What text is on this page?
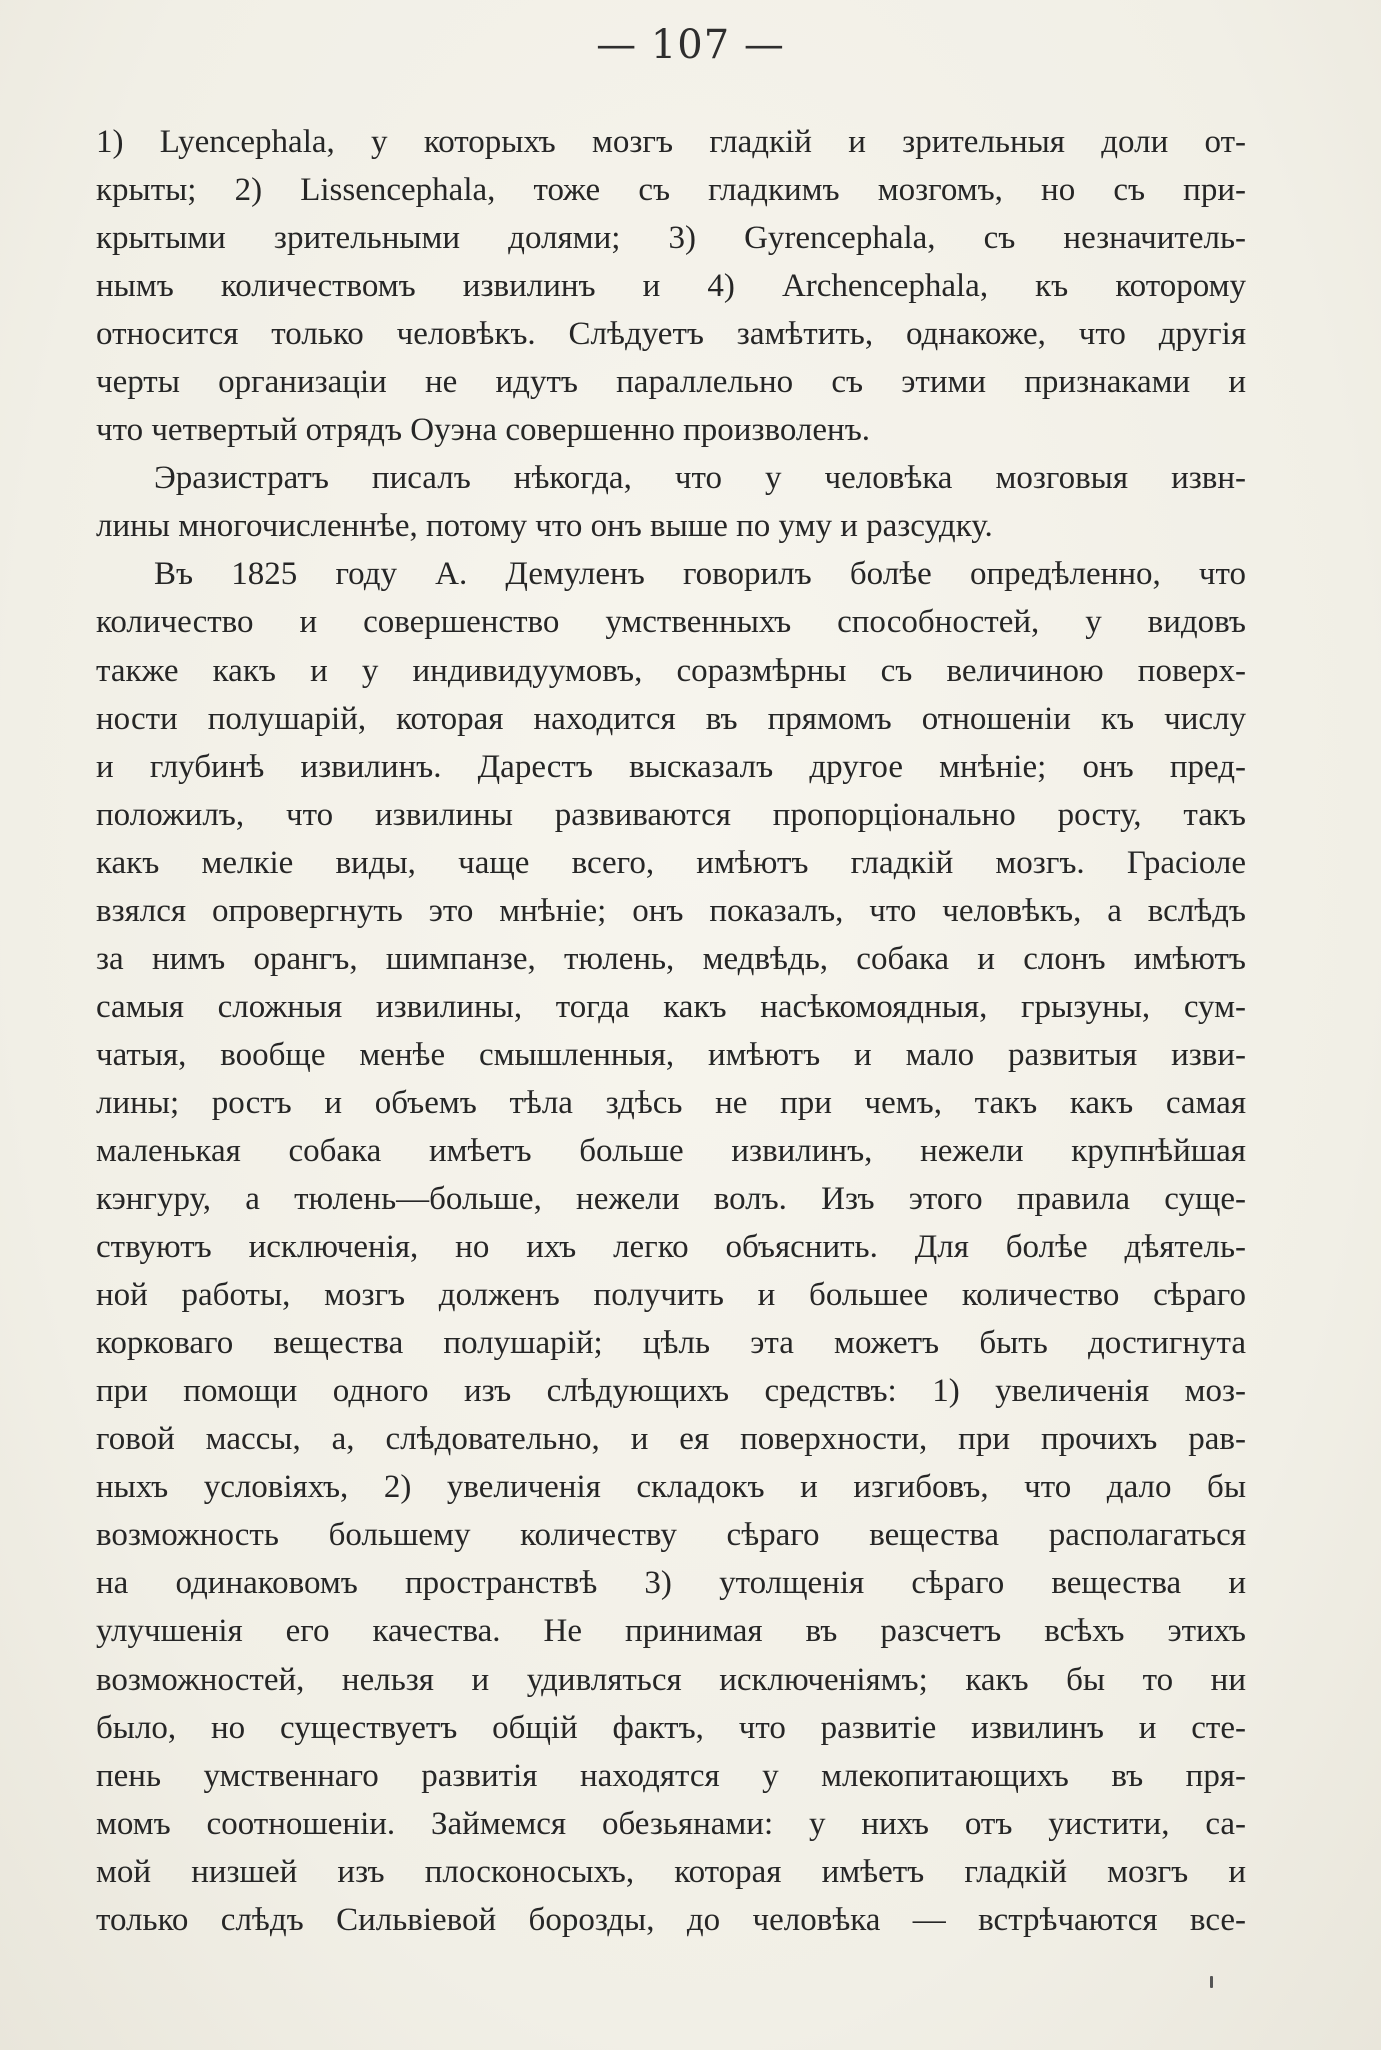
— 107 —
1) Lyencephala, у которыхъ мозгъ гладкій и зрительныя доли от-
крыты; 2) Lissencephala, тоже съ гладкимъ мозгомъ, но съ при-
крытыми зрительными долями; 3) Gyrencephala, съ незначитель-
нымъ количествомъ извилинъ и 4) Archencephala, къ которому
относится только человѣкъ. Слѣдуетъ замѣтить, однакоже, что другія
черты организаціи не идутъ параллельно съ этими признаками и
что четвертый отрядъ Оуэна совершенно произволенъ.
Эразистратъ писалъ нѣкогда, что у человѣка мозговыя извн-
лины многочисленнѣе, потому что онъ выше по уму и разсудку.
Въ 1825 году А. Демуленъ говорилъ болѣе опредѣленно, что
количество и совершенство умственныхъ способностей, у видовъ
также какъ и у индивидуумовъ, соразмѣрны съ величиною поверх-
ности полушарій, которая находится въ прямомъ отношеніи къ числу
и глубинѣ извилинъ. Дарестъ высказалъ другое мнѣніе; онъ пред-
положилъ, что извилины развиваются пропорціонально росту, такъ
какъ мелкіе виды, чаще всего, имѣютъ гладкій мозгъ. Грасіоле
взялся опровергнуть это мнѣніе; онъ показалъ, что человѣкъ, а вслѣдъ
за нимъ орангъ, шимпанзе, тюлень, медвѣдь, собака и слонъ имѣютъ
самыя сложныя извилины, тогда какъ насѣкомоядныя, грызуны, сум-
чатыя, вообще менѣе смышленныя, имѣютъ и мало развитыя изви-
лины; ростъ и объемъ тѣла здѣсь не при чемъ, такъ какъ самая
маленькая собака имѣетъ больше извилинъ, нежели крупнѣйшая
кэнгуру, а тюлень—больше, нежели волъ. Изъ этого правила суще-
ствуютъ исключенія, но ихъ легко объяснить. Для болѣе дѣятель-
ной работы, мозгъ долженъ получить и большее количество сѣраго
корковаго вещества полушарій; цѣль эта можетъ быть достигнута
при помощи одного изъ слѣдующихъ средствъ: 1) увеличенія моз-
говой массы, а, слѣдовательно, и ея поверхности, при прочихъ рав-
ныхъ условіяхъ, 2) увеличенія складокъ и изгибовъ, что дало бы
возможность большему количеству сѣраго вещества располагаться
на одинаковомъ пространствѣ 3) утолщенія сѣраго вещества и
улучшенія его качества. Не принимая въ разсчетъ всѣхъ этихъ
возможностей, нельзя и удивляться исключеніямъ; какъ бы то ни
было, но существуетъ общій фактъ, что развитіе извилинъ и сте-
пень умственнаго развитія находятся у млекопитающихъ въ пря-
момъ соотношеніи. Займемся обезьянами: у нихъ отъ уистити, са-
мой низшей изъ плосконосыхъ, которая имѣетъ гладкій мозгъ и
только слѣдъ Сильвіевой борозды, до человѣка — встрѣчаются все-
